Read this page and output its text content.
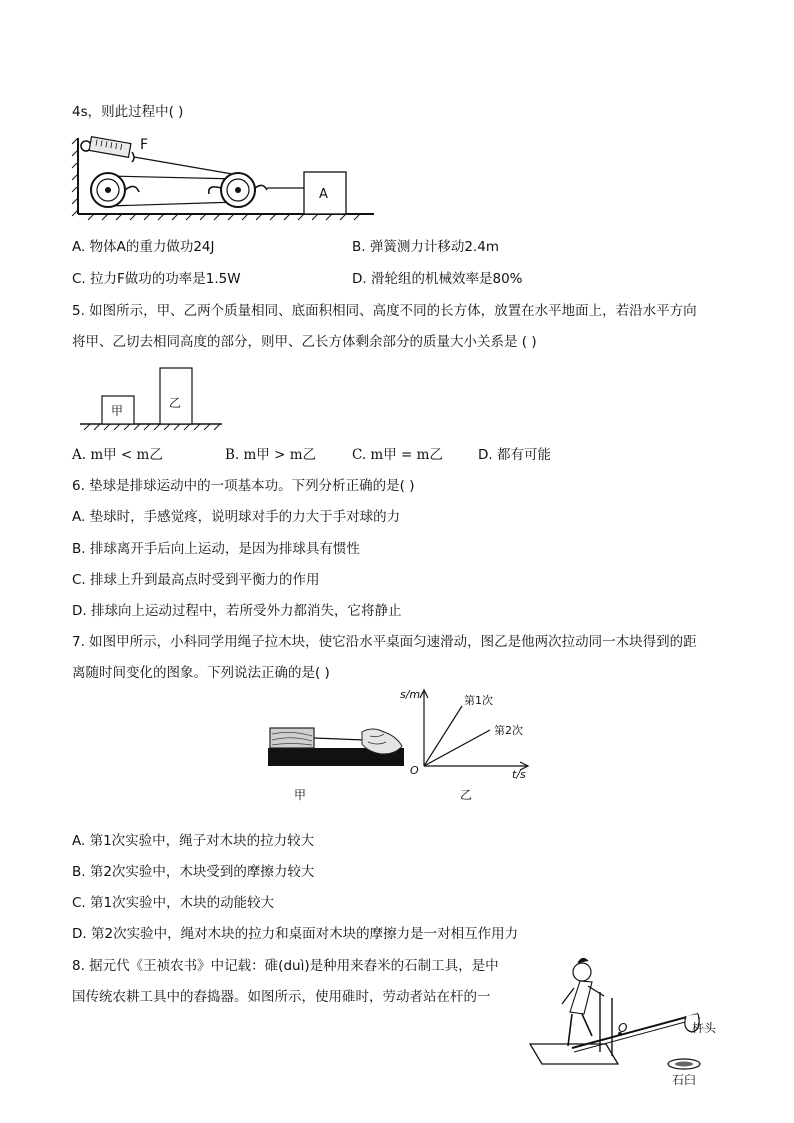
4s，则此过程中( )
F
A
A. 物体A的重力做功24J	B. 弹簧测力计移动2.4m
C. 拉力F做功的功率是1.5W	D. 滑轮组的机械效率是80%
5. 如图所示，甲、乙两个质量相同、底面积相同、高度不同的长方体，放置在水平地面上，若沿水平方向
将甲、乙切去相同高度的部分，则甲、乙长方体剩余部分的质量大小关系是 ( )
甲
乙
A. m甲 < m乙	B. m甲 > m乙	C. m甲 = m乙	D. 都有可能
6. 垫球是排球运动中的一项基本功。下列分析正确的是( )
A. 垫球时，手感觉疼，说明球对手的力大于手对球的力
B. 排球离开手后向上运动，是因为排球具有惯性
C. 排球上升到最高点时受到平衡力的作用
D. 排球向上运动过程中，若所受外力都消失，它将静止
7. 如图甲所示，小科同学用绳子拉木块，使它沿水平桌面匀速滑动，图乙是他两次拉动同一木块得到的距
离随时间变化的图象。下列说法正确的是( )
甲
s/m
t/s
O
第1次
第2次
乙
A. 第1次实验中，绳子对木块的拉力较大
B. 第2次实验中，木块受到的摩擦力较大
C. 第1次实验中，木块的动能较大
D. 第2次实验中，绳对木块的拉力和桌面对木块的摩擦力是一对相互作用力
8. 据元代《王祯农书》中记载：碓(duì)是种用来舂米的石制工具，是中
国传统农耕工具中的舂捣器。如图所示，使用碓时，劳动者站在杆的一
O	杵头
石臼
